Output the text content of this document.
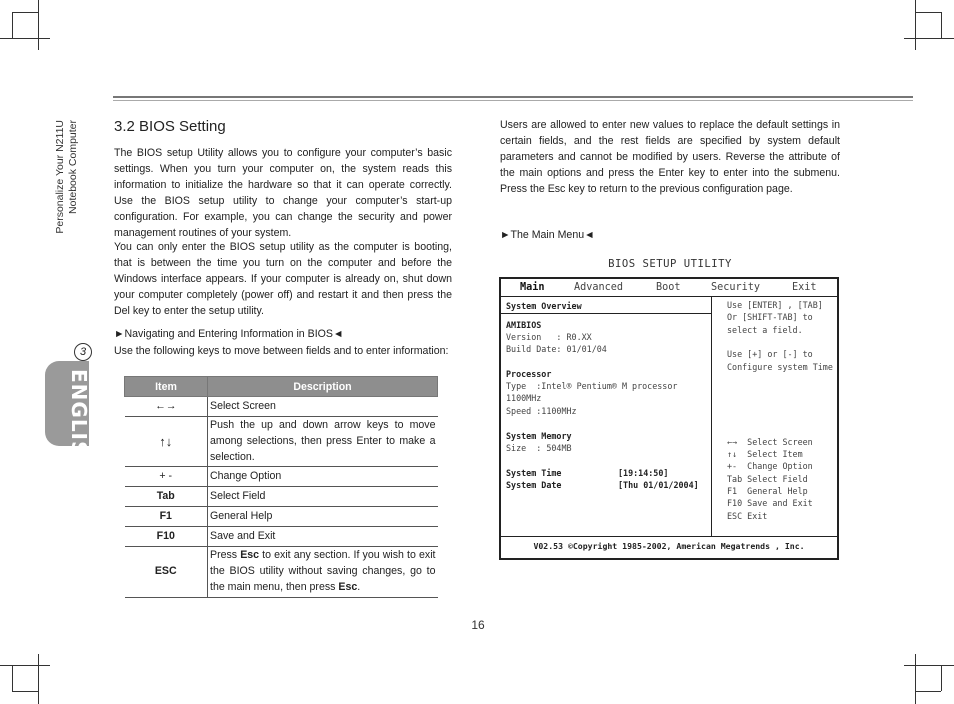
Personalize Your N211U Notebook Computer
3
ENGLISH
3.2 BIOS Setting
The BIOS setup Utility allows you to configure your computer’s basic settings. When you turn your computer on, the system reads this information to initialize the hardware so that it can operate correctly. Use the BIOS setup utility to change your computer’s start-up configuration. For example, you can change the security and power management routines of your system.
You can only enter the BIOS setup utility as the computer is booting, that is between the time you turn on the computer and before the Windows interface appears. If your computer is already on, shut down your computer completely (power off) and restart it and then press the Del key to enter the setup utility.
►Navigating and Entering Information in BIOS◄
Use the following keys to move between fields and to enter information:
Item	Description
←→	Select Screen
↑↓	Push the up and down arrow keys to move among selections, then press Enter to make a selection.
+ -	Change Option
Tab	Select Field
F1	General Help
F10	Save and Exit
ESC	Press Esc to exit any section. If you wish to exit the BIOS utility without saving changes, go to the main menu, then press Esc.
Users are allowed to enter new values to replace the default settings in certain fields, and the rest fields are specified by system default parameters and cannot be modified by users. Reverse the attribute of the main options and press the Enter key to enter into the submenu. Press the Esc key to return to the previous configuration page.
►The Main Menu◄
BIOS SETUP UTILITY
Main	Advanced	Boot	Security	Exit
System Overview
AMIBIOS
Version   : R0.XX
Build Date: 01/01/04
Processor
Type  :Intel® Pentium® M processor
1100MHz
Speed :1100MHz
System Memory
Size  : 504MB
System Time	[19:14:50]
System Date	[Thu 01/01/2004]
Use [ENTER] , [TAB]
Or [SHIFT-TAB] to
select a field.
Use [+] or [-] to
Configure system Time
←→  Select Screen
↑↓  Select Item
+-  Change Option
Tab Select Field
F1  General Help
F10 Save and Exit
ESC Exit
V02.53 ©Copyright 1985-2002, American Megatrends , Inc.
16
